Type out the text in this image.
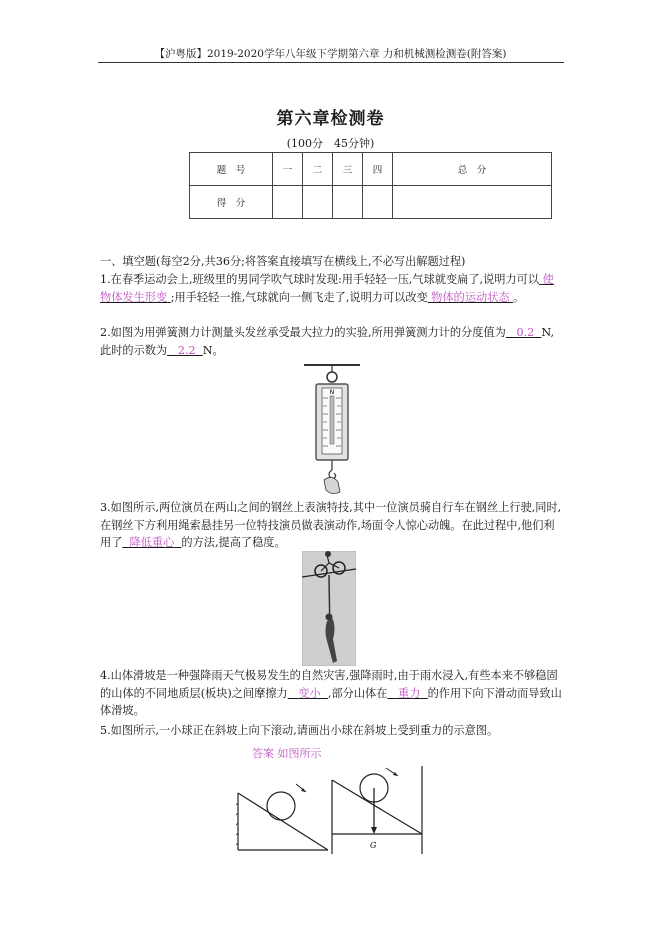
【沪粤版】2019-2020学年八年级下学期第六章 力和机械测检测卷(附答案)
第六章检测卷
(100分　45分钟)
题　号	一	二	三	四	总　分
得　分					
一、填空题(每空2分,共36分;将答案直接填写在横线上,不必写出解题过程)
1.在春季运动会上,班级里的男同学吹气球时发现:用手轻轻一压,气球就变扁了,说明力可以 使物体发生形变 ;用手轻轻一推,气球就向一侧飞走了,说明力可以改变 物体的运动状态 。
2.如图为用弹簧测力计测量头发丝承受最大拉力的实验,所用弹簧测力计的分度值为 0.2 N,此时的示数为 2.2 N。
N
3.如图所示,两位演员在两山之间的钢丝上表演特技,其中一位演员骑自行车在钢丝上行驶,同时,在钢丝下方利用绳索悬挂另一位特技演员做表演动作,场面令人惊心动魄。在此过程中,他们利用了 降低重心 的方法,提高了稳度。
4.山体滑坡是一种强降雨天气极易发生的自然灾害,强降雨时,由于雨水浸入,有些本来不够稳固的山体的不同地质层(板块)之间摩擦力 变小 ,部分山体在 重力 的作用下向下滑动而导致山体滑坡。
5.如图所示,一小球正在斜坡上向下滚动,请画出小球在斜坡上受到重力的示意图。
答案 如图所示
G
